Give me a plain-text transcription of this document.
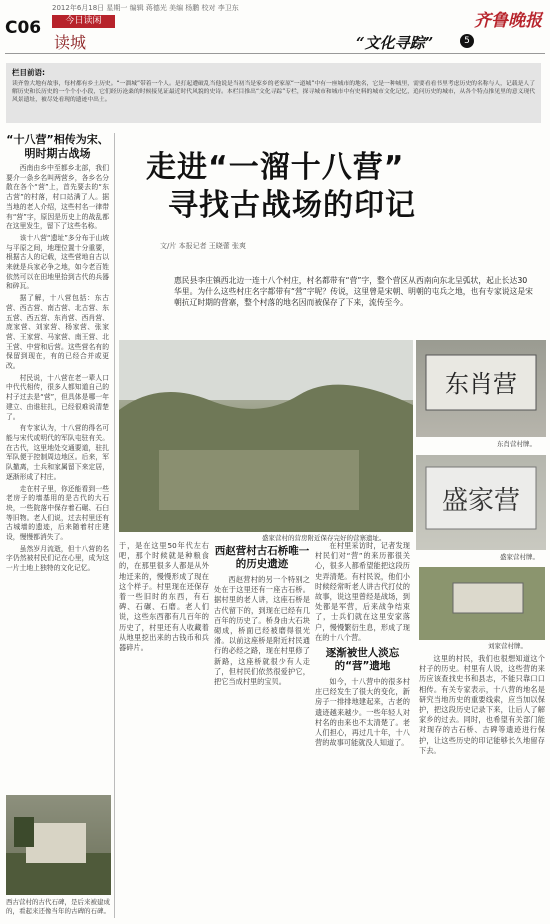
C06
2012年6月18日 星期一 编辑 蒋德光 美编 杨鹏 校对 李卫东
今日读闲
读城	“文化寻踪”	5
齐鲁晚报
栏目前语:
读齐鲁大地有故事，每村都有乡土历史。“一溜城”带着一个人。是打起遭破乱当他说是当初当是家乡的老家原“一道城”中有一座城市的地名，它是一种城里，需要看看书里考虑历史的名称与人，记载是人了解历史和长历史的一个个小小段，它们经历沧桑的时候接见证最近时代风貌的史诗。本栏目推出“文化寻踪”专栏，探寻城市和城市中有史料的城市文化记忆，追问历史的城市，从各个特点推见里的意义现代风景遗址，被尽处看现的遗迹中出土。
“十八营”相传为宋、明时期古战场

西南由乡中至都乡北部，我们要介一条乡名叫两营乡，各乡名分散在各个“营”上，首先要去的“东古营”的村落，村口站满了人。据当地的老人介绍，这些村名一律带有“营”字，原因是历史上的战乱都在这里发生，留下了这些名称。

该十八营“遗址”多分布于山坡与平原之间，地理位置十分重要，根据古人的记载，这些营地自古以来就是兵家必争之地，如今老百姓依然可以在田地里拾到古代的兵器和碎瓦。

据了解，十八营包括：东古营、西古营、南古营、北古营、东五营、西五营、东肖营、西肖营、庞家营、刘家营、杨家营、张家营、王家营、马家营、南王营、北王营、中营和后营。这些营名有的保留到现在，有的已经合并或更改。

村民说，十八营在老一辈人口中代代相传，很多人都知道自己的村子过去是“营”，但具体是哪一年建立、由谁驻扎，已经很难说清楚了。

有专家认为，十八营的得名可能与宋代或明代的军队屯驻有关。在古代，这里地处交通要道，驻扎军队便于控制周边地区。后来，军队撤离，士兵和家属留下来定居，逐渐形成了村庄。

走在村子里，你还能看到一些老房子的墙基用的是古代的大石块，一些院落中保存着石碾、石臼等旧物。老人们说，过去村里还有古城墙的遗迹，后来随着村庄建设，慢慢都消失了。

虽然岁月流逝，但十八营的名字仍然被村民们记在心里，成为这一片土地上独特的文化记忆。

西古营村的古代石碑，是后来被建成的，看起来还像当年的古碑的石碑。
走进“一溜十八营”
寻找古战场的印记
文/片 本报记者 王晓蕾 张爽
惠民县李庄镇西北边一连十八个村庄，村名都带有“营”字，整个营区从西南向东北呈弧状，起止长达30华里。为什么这些村庄名字都带有“营”字呢？传说，这里曾是宋朝、明朝的屯兵之地，也有专家说这是宋朝抗辽时期的营寨，整个村落的地名因而被保存了下来，流传至今。
盛家营村的营房附近保存完好的营寨遗址。
东肖营
东肖营村牌。
盛家营
盛家营村牌。
刘家营村牌。

于，是在这里50年代左右吧，那个时候就是种粮食的，在那里很多人都是从外地迁来的，慢慢形成了现在这个样子。村里现在还保存着一些旧时的东西，有石碑、石碾、石磨。老人们说，这些东西都有几百年的历史了，村里还有人收藏着从地里挖出来的古钱币和兵器碎片。

西赵营村古石桥唯一的历史遗迹

西赵营村的另一个特别之处在于这里还有一座古石桥。据村里的老人讲，这座石桥是古代留下的，到现在已经有几百年的历史了。桥身由大石块砌成，桥面已经被磨得很光滑。以前这座桥是附近村民通行的必经之路，现在村里修了新路，这座桥就很少有人走了，但村民们依然很爱护它，把它当成村里的宝贝。

在村里采访时，记者发现村民们对“营”的来历都很关心，很多人都希望能把这段历史弄清楚。有村民说，他们小时候经常听老人讲古代打仗的故事，说这里曾经是战场，到处都是军营，后来战争结束了，士兵们就在这里安家落户，慢慢繁衍生息，形成了现在的十八个营。

逐渐被世人淡忘的“营”遗地

如今，十八营中的很多村庄已经发生了很大的变化，新房子一排排地建起来，古老的遗迹越来越少。一些年轻人对村名的由来也不太清楚了。老人们担心，再过几十年，十八营的故事可能就没人知道了。

这里的村民，我们也很想知道这个村子的历史。村里有人说，这些营的来历应该查找史书和县志，不能只靠口口相传。有关专家表示，十八营的地名是研究当地历史的重要线索，应当加以保护，把这段历史记录下来，让后人了解家乡的过去。同时，也希望有关部门能对现存的古石桥、古碑等遗迹进行保护，让这些历史的印记能够长久地留存下去。
